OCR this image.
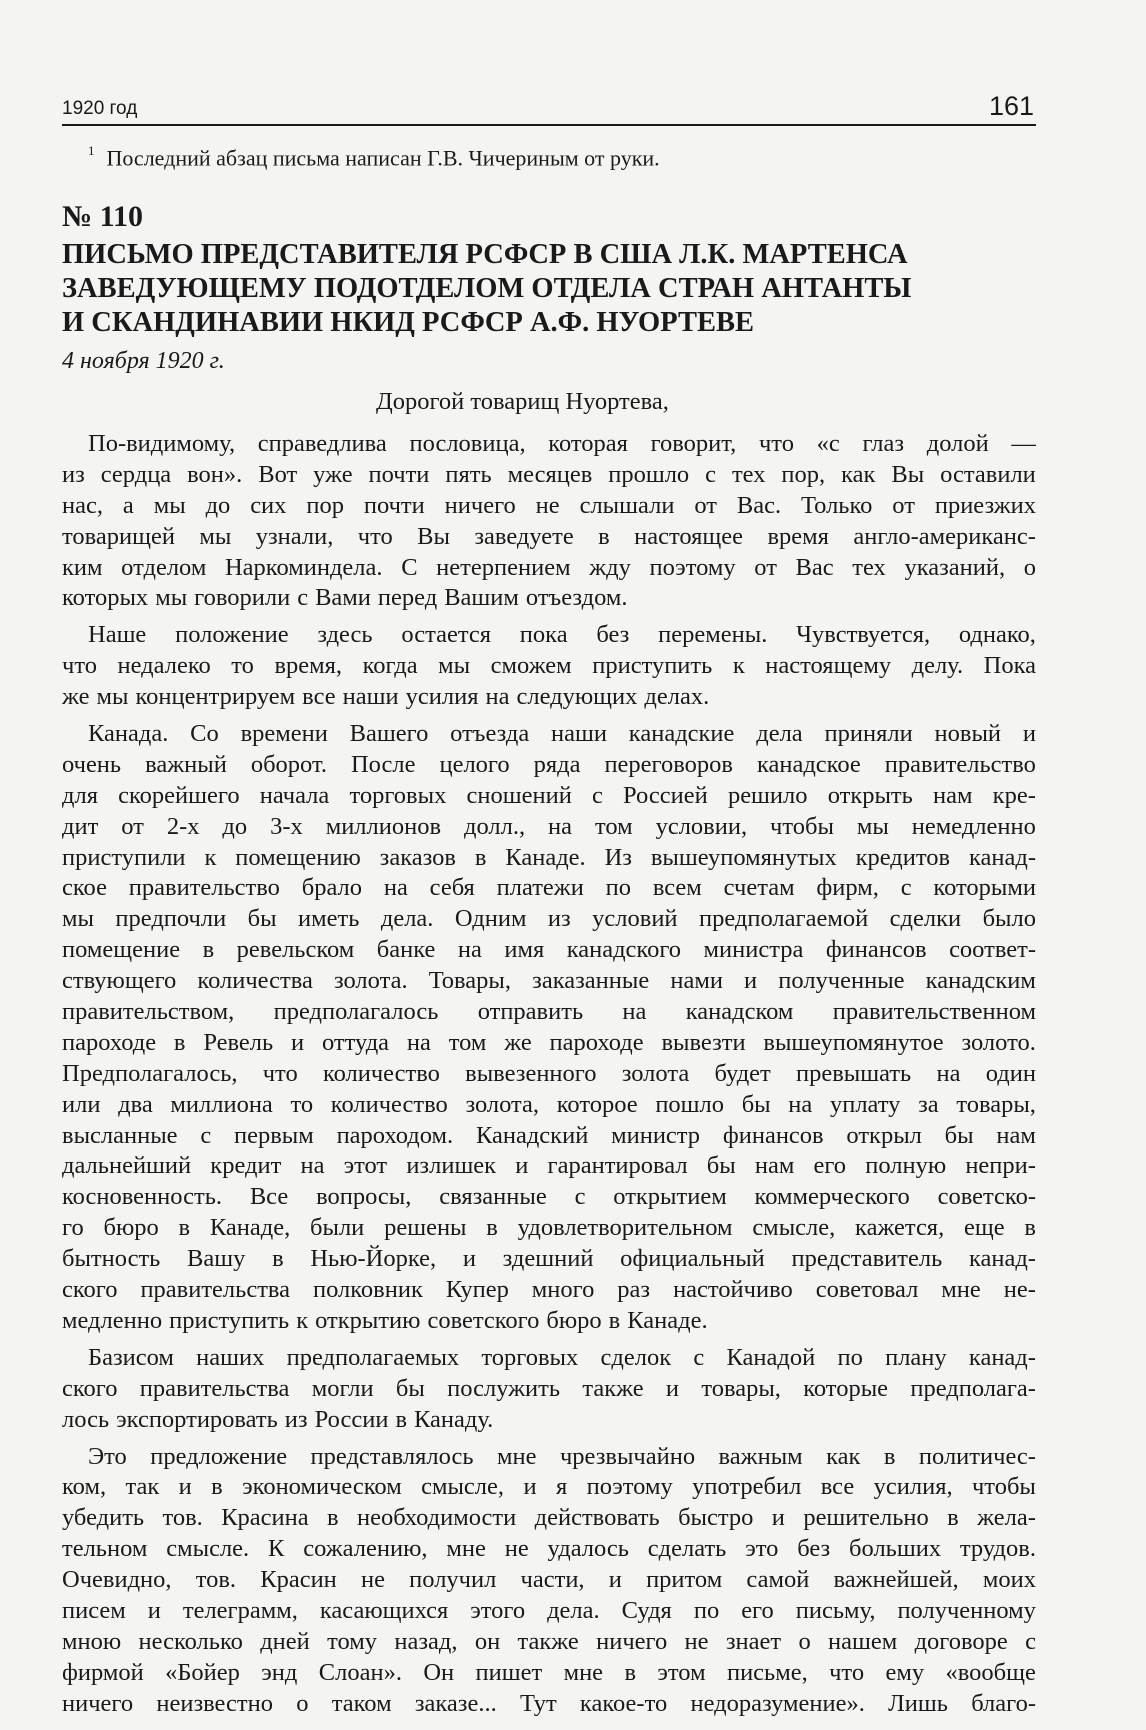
1920 год	161
$^1$ Последний абзац письма написан Г.В. Чичериным от руки.
№ 110
ПИСЬМО ПРЕДСТАВИТЕЛЯ РСФСР В США Л.К. МАРТЕНСА
ЗАВЕДУЮЩЕМУ ПОДОТДЕЛОМ ОТДЕЛА СТРАН АНТАНТЫ
И СКАНДИНАВИИ НКИД РСФСР А.Ф. НУОРТЕВЕ
4 ноября 1920 г.
Дорогой товарищ Нуортева,
По-видимому, справедлива пословица, которая говорит, что «с глаз долой —
из сердца вон». Вот уже почти пять месяцев прошло с тех пор, как Вы оставили
нас, а мы до сих пор почти ничего не слышали от Вас. Только от приезжих
товарищей мы узнали, что Вы заведуете в настоящее время англо-американс-
ким отделом Наркоминдела. С нетерпением жду поэтому от Вас тех указаний, о
которых мы говорили с Вами перед Вашим отъездом.
Наше положение здесь остается пока без перемены. Чувствуется, однако,
что недалеко то время, когда мы сможем приступить к настоящему делу. Пока
же мы концентрируем все наши усилия на следующих делах.
Канада. Со времени Вашего отъезда наши канадские дела приняли новый и
очень важный оборот. После целого ряда переговоров канадское правительство
для скорейшего начала торговых сношений с Россией решило открыть нам кре-
дит от 2-х до 3-х миллионов долл., на том условии, чтобы мы немедленно
приступили к помещению заказов в Канаде. Из вышеупомянутых кредитов канад-
ское правительство брало на себя платежи по всем счетам фирм, с которыми
мы предпочли бы иметь дела. Одним из условий предполагаемой сделки было
помещение в ревельском банке на имя канадского министра финансов соответ-
ствующего количества золота. Товары, заказанные нами и полученные канадским
правительством, предполагалось отправить на канадском правительственном
пароходе в Ревель и оттуда на том же пароходе вывезти вышеупомянутое золото.
Предполагалось, что количество вывезенного золота будет превышать на один
или два миллиона то количество золота, которое пошло бы на уплату за товары,
высланные с первым пароходом. Канадский министр финансов открыл бы нам
дальнейший кредит на этот излишек и гарантировал бы нам его полную непри-
косновенность. Все вопросы, связанные с открытием коммерческого советско-
го бюро в Канаде, были решены в удовлетворительном смысле, кажется, еще в
бытность Вашу в Нью-Йорке, и здешний официальный представитель канад-
ского правительства полковник Купер много раз настойчиво советовал мне не-
медленно приступить к открытию советского бюро в Канаде.
Базисом наших предполагаемых торговых сделок с Канадой по плану канад-
ского правительства могли бы послужить также и товары, которые предполага-
лось экспортировать из России в Канаду.
Это предложение представлялось мне чрезвычайно важным как в политичес-
ком, так и в экономическом смысле, и я поэтому употребил все усилия, чтобы
убедить тов. Красина в необходимости действовать быстро и решительно в жела-
тельном смысле. К сожалению, мне не удалось сделать это без больших трудов.
Очевидно, тов. Красин не получил части, и притом самой важнейшей, моих
писем и телеграмм, касающихся этого дела. Судя по его письму, полученному
мною несколько дней тому назад, он также ничего не знает о нашем договоре с
фирмой «Бойер энд Слоан». Он пишет мне в этом письме, что ему «вообще
ничего неизвестно о таком заказе... Тут какое-то недоразумение». Лишь благо-
